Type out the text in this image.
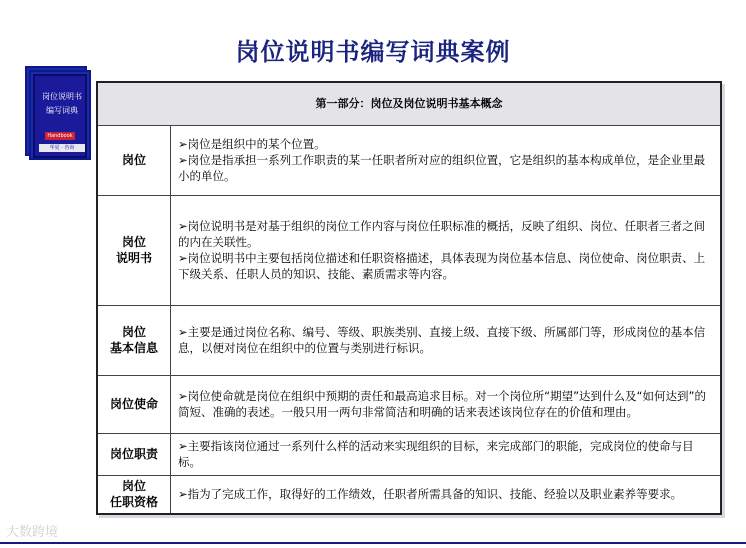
岗位说明书编写词典案例
岗位说明书
编写词典
Handbook
华夏 · 咨询
第一部分：岗位及岗位说明书基本概念
岗位

➢岗位是组织中的某个位置。

➢岗位是指承担一系列工作职责的某一任职者所对应的组织位置，它是组织的基本构成单位，是企业里最小的单位。

岗位
说明书

➢岗位说明书是对基于组织的岗位工作内容与岗位任职标准的概括，反映了组织、岗位、任职者三者之间的内在关联性。

➢岗位说明书中主要包括岗位描述和任职资格描述，具体表现为岗位基本信息、岗位使命、岗位职责、上下级关系、任职人员的知识、技能、素质需求等内容。

岗位
基本信息

➢主要是通过岗位名称、编号、等级、职族类别、直接上级、直接下级、所属部门等，形成岗位的基本信息，以便对岗位在组织中的位置与类别进行标识。

岗位使命

➢岗位使命就是岗位在组织中预期的责任和最高追求目标。对一个岗位所“期望”达到什么及“如何达到”的简短、准确的表述。一般只用一两句非常简洁和明确的话来表述该岗位存在的价值和理由。

岗位职责

➢主要指该岗位通过一系列什么样的活动来实现组织的目标，来完成部门的职能，完成岗位的使命与目标。

岗位
任职资格

➢指为了完成工作，取得好的工作绩效，任职者所需具备的知识、技能、经验以及职业素养等要求。

大数跨境
